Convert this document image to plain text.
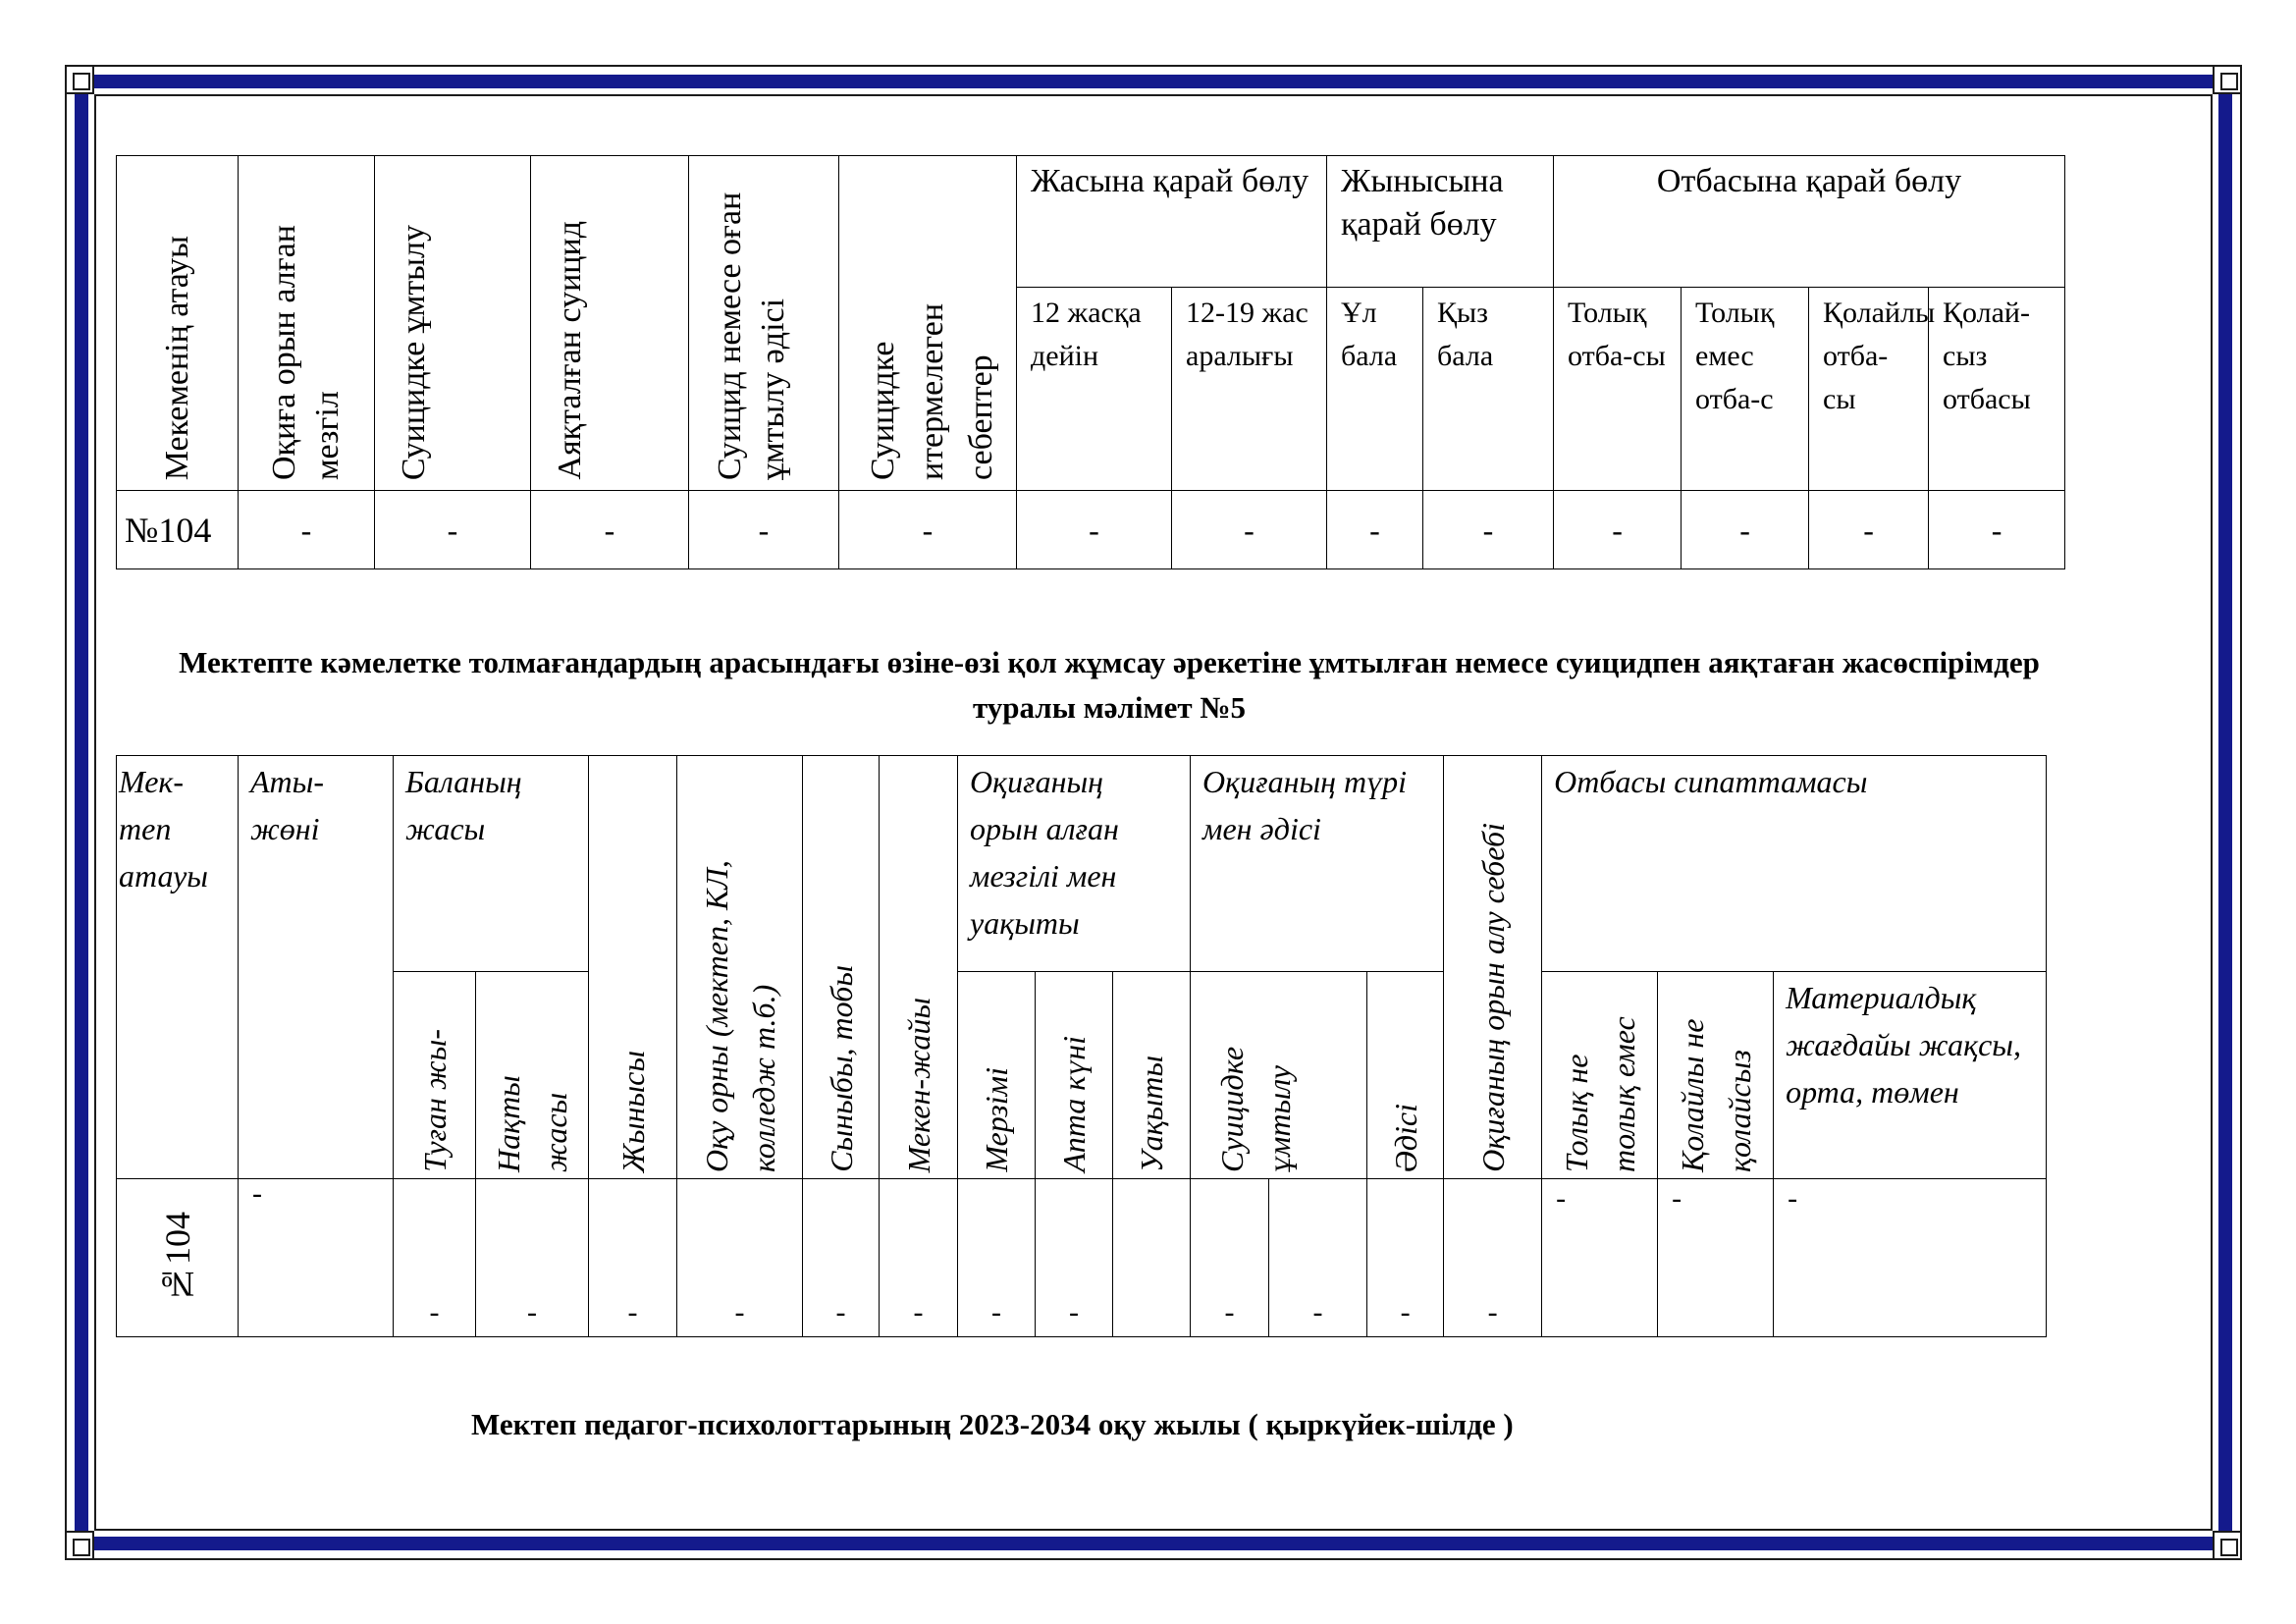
Мекеменің атауы	Оқиға орын алған мезгіл	Суицидке ұмтылу	Аяқталған суицид	Суицид немесе оған ұмтылу әдісі	Суицидке итермелеген себептер	Жасына қарай бөлу		Жынысына қарай бөлу		Отбасына қарай бөлу			
						12 жасқа дейін	12-19 жас аралығы	Ұл бала	Қыз бала	Толық отба-сы	Толық емес отба-с	Қолайлы отба-сы	Қолай-сыз отбасы
№104	-	-	-	-	-	-	-	-	-	-	-	-	-
Мектепте кәмелетке толмағандардың арасындағы өзіне-өзі қол жұмсау әрекетіне ұмтылған немесе суицидпен аяқтаған жасөспірімдер туралы мәлімет №5
Мек-теп атауы	Аты-жөні	Баланың жасы		Жынысы	Оқу орны (мектеп, КЛ, колледж т.б.)	Сыныбы, тобы	Мекен-жайы	Оқиғаның орын алған мезгілі мен уақыты			Оқиғаның түрі мен әдісі			Оқиғаның орын алу себебі	Отбасы сипаттамасы		

		Туған жы-	Нақты жасы					Мерзімі	Апта күні	Уақыты	Суицидке ұмтылу		Әдісі		Толық не толық емес	Қолайлы не қолайсыз	Материалдық жағдайы жақсы, орта, төмен

№104	-	-	-	-	-	-	-	-	-		-	-	-	-	-	-	-
Мектеп педагог-психологтарының 2023-2034 оқу жылы ( қыркүйек-шілде )
